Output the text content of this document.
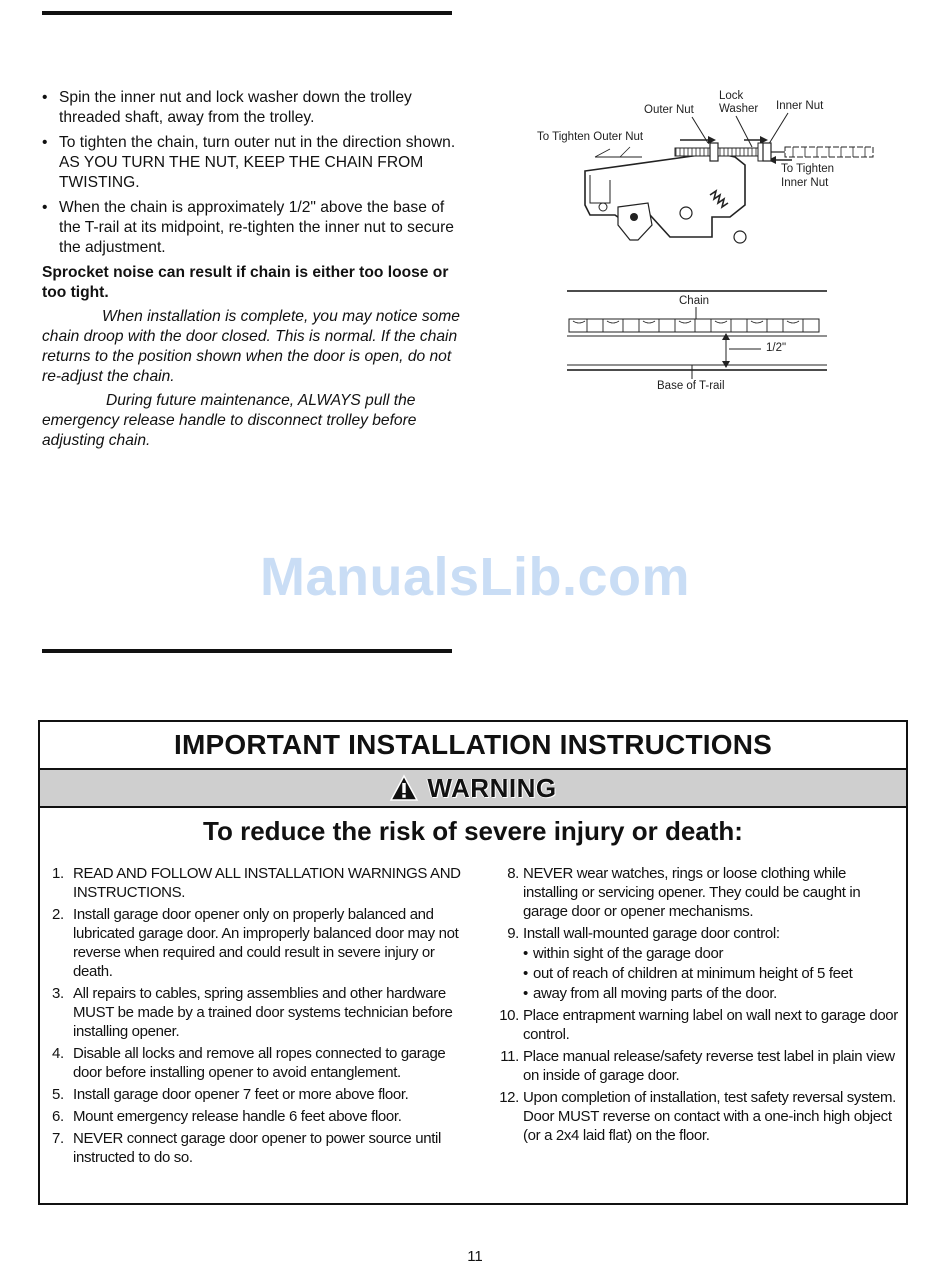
• Spin the inner nut and lock washer down the trolley threaded shaft, away from the trolley.
• To tighten the chain, turn outer nut in the direction shown. AS YOU TURN THE NUT, KEEP THE CHAIN FROM TWISTING.
• When the chain is approximately 1/2" above the base of the T-rail at its midpoint, re-tighten the inner nut to secure the adjustment.
Sprocket noise can result if chain is either too loose or too tight.
When installation is complete, you may notice some chain droop with the door closed. This is normal. If the chain returns to the position shown when the door is open, do not re-adjust the chain.
During future maintenance, ALWAYS pull the emergency release handle to disconnect trolley before adjusting chain.
Outer Nut
Lock
Washer Inner Nut
To Tighten Outer Nut
To Tighten
Inner Nut
Chain
1/2"
Base of T-rail
ManualsLib.com
IMPORTANT INSTALLATION INSTRUCTIONS
WARNING
To reduce the risk of severe injury or death:
1. READ AND FOLLOW ALL INSTALLATION WARNINGS AND INSTRUCTIONS.
2. Install garage door opener only on properly balanced and lubricated garage door. An improperly balanced door may not reverse when required and could result in severe injury or death.
3. All repairs to cables, spring assemblies and other hardware MUST be made by a trained door systems technician before installing opener.
4. Disable all locks and remove all ropes connected to garage door before installing opener to avoid entanglement.
5. Install garage door opener 7 feet or more above floor.
6. Mount emergency release handle 6 feet above floor.
7. NEVER connect garage door opener to power source until instructed to do so.
8. NEVER wear watches, rings or loose clothing while installing or servicing opener. They could be caught in garage door or opener mechanisms.
9. Install wall-mounted garage door control:
• within sight of the garage door
• out of reach of children at minimum height of 5 feet
• away from all moving parts of the door.
10. Place entrapment warning label on wall next to garage door control.
11. Place manual release/safety reverse test label in plain view on inside of garage door.
12. Upon completion of installation, test safety reversal system. Door MUST reverse on contact with a one-inch high object (or a 2x4 laid flat) on the floor.
11
